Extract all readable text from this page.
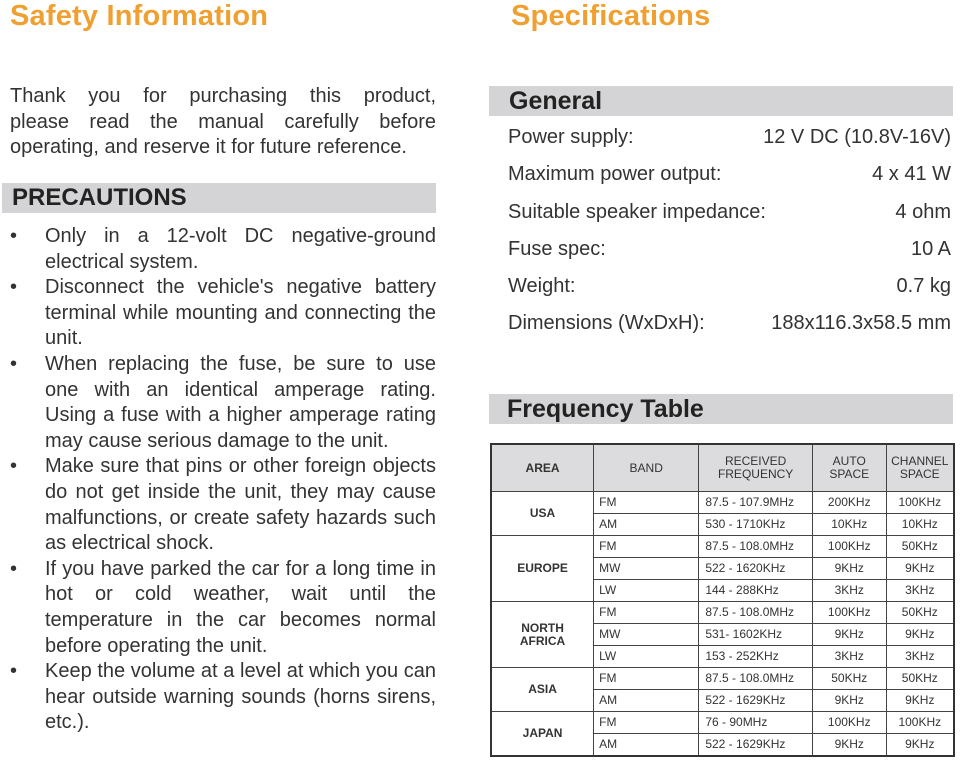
Safety Information	Specifications
Thank you for purchasing this product,
please read the manual carefully before
operating, and reserve it for future reference.
PRECAUTIONS
• Only in a 12-volt DC negative-ground electrical system.
• Disconnect the vehicle's negative battery terminal while mounting and connecting the unit.
• When replacing the fuse, be sure to use one with an identical amperage rating. Using a fuse with a higher amperage rating may cause serious damage to the unit.
• Make sure that pins or other foreign objects do not get inside the unit, they may cause malfunctions, or create safety hazards such as electrical shock.
• If you have parked the car for a long time in hot or cold weather, wait until the temperature in the car becomes normal before operating the unit.
• Keep the volume at a level at which you can hear outside warning sounds (horns sirens, etc.).
General
Power supply:	12 V DC (10.8V-16V)
Maximum power output:	4 x 41 W
Suitable speaker impedance:	4 ohm
Fuse spec:	10 A
Weight:	0.7 kg
Dimensions (WxDxH):	188x116.3x58.5 mm
Frequency Table
AREA	BAND	RECEIVED FREQUENCY	AUTO SPACE	CHANNEL SPACE
USA	FM	87.5 - 107.9MHz	200KHz	100KHz
	AM	530 - 1710KHz	10KHz	10KHz
EUROPE	FM	87.5 - 108.0MHz	100KHz	50KHz
	MW	522 - 1620KHz	9KHz	9KHz
	LW	144 - 288KHz	3KHz	3KHz
NORTH AFRICA	FM	87.5 - 108.0MHz	100KHz	50KHz
	MW	531- 1602KHz	9KHz	9KHz
	LW	153 - 252KHz	3KHz	3KHz
ASIA	FM	87.5 - 108.0MHz	50KHz	50KHz
	AM	522 - 1629KHz	9KHz	9KHz
JAPAN	FM	76 - 90MHz	100KHz	100KHz
	AM	522 - 1629KHz	9KHz	9KHz
